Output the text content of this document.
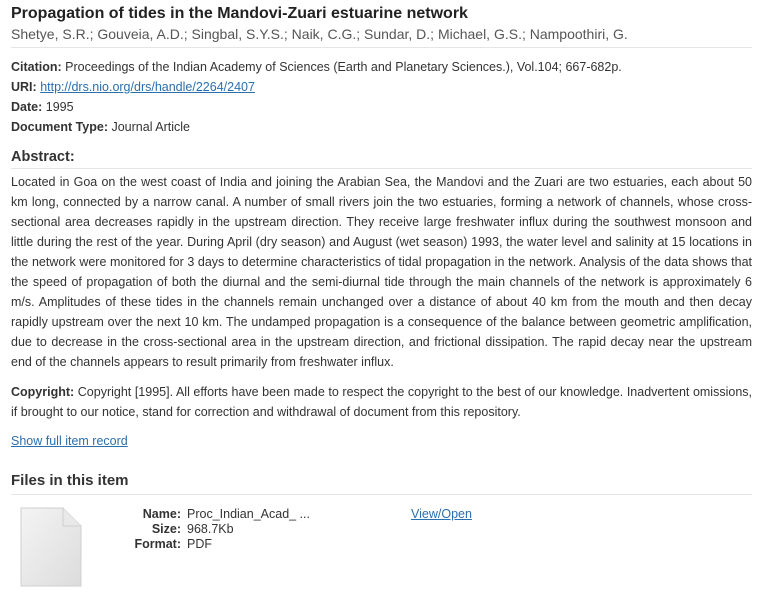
Propagation of tides in the Mandovi-Zuari estuarine network
Shetye, S.R.; Gouveia, A.D.; Singbal, S.Y.S.; Naik, C.G.; Sundar, D.; Michael, G.S.; Nampoothiri, G.
Citation: Proceedings of the Indian Academy of Sciences (Earth and Planetary Sciences.), Vol.104; 667-682p.
URI: http://drs.nio.org/drs/handle/2264/2407
Date: 1995
Document Type: Journal Article
Abstract:

Located in Goa on the west coast of India and joining the Arabian Sea, the Mandovi and the Zuari are two estuaries, each about 50 km long, connected by a narrow canal. A number of small rivers join the two estuaries, forming a network of channels, whose cross-sectional area decreases rapidly in the upstream direction. They receive large freshwater influx during the southwest monsoon and little during the rest of the year. During April (dry season) and August (wet season) 1993, the water level and salinity at 15 locations in the network were monitored for 3 days to determine characteristics of tidal propagation in the network. Analysis of the data shows that the speed of propagation of both the diurnal and the semi-diurnal tide through the main channels of the network is approximately 6 m/s. Amplitudes of these tides in the channels remain unchanged over a distance of about 40 km from the mouth and then decay rapidly upstream over the next 10 km. The undamped propagation is a consequence of the balance between geometric amplification, due to decrease in the cross-sectional area in the upstream direction, and frictional dissipation. The rapid decay near the upstream end of the channels appears to result primarily from freshwater influx.

Copyright: Copyright [1995]. All efforts have been made to respect the copyright to the best of our knowledge. Inadvertent omissions, if brought to our notice, stand for correction and withdrawal of document from this repository.

Show full item record
Files in this item
Name: Proc_Indian_Acad_ ...
Size: 968.7Kb
Format: PDF
View/Open
